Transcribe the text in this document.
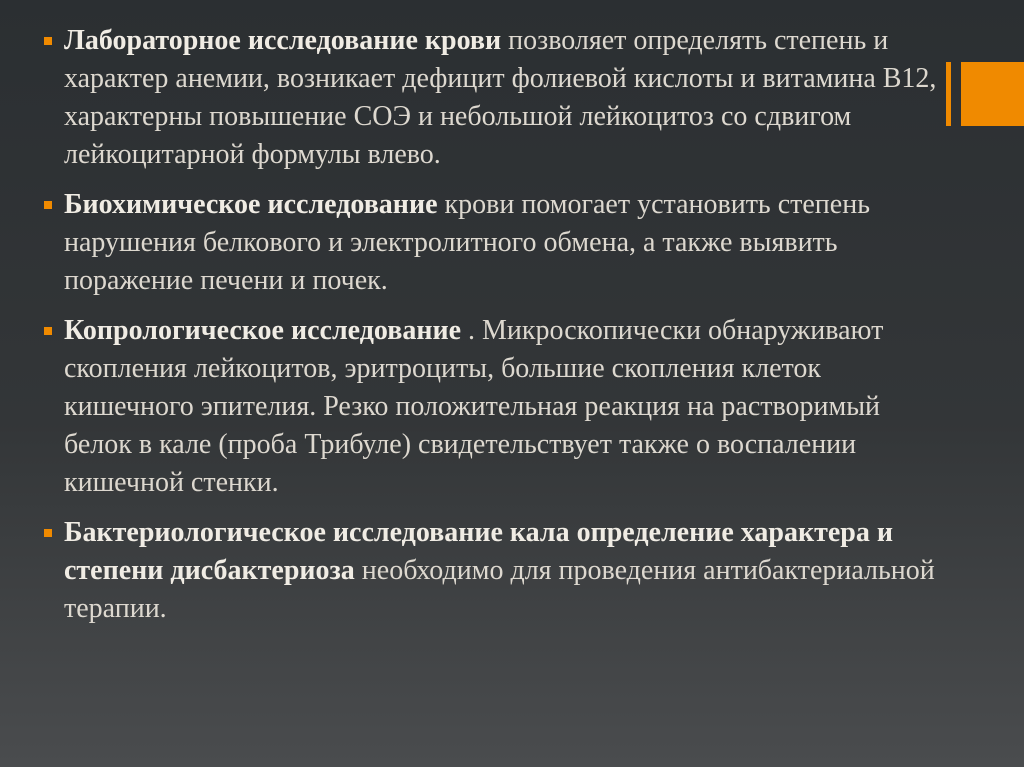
Лабораторное исследование крови позволяет определять степень и характер анемии, возникает дефицит фолиевой кислоты и витамина В12, характерны повышение СОЭ и небольшой лейкоцитоз со сдвигом лейкоцитарной формулы влево.
Биохимическое исследование крови помогает установить степень нарушения белкового и электролитного обмена, а также выявить поражение печени и почек.
Копрологическое исследование . Микроскопически обнаруживают скопления лейкоцитов, эритроциты, большие скопления клеток кишечного эпителия. Резко положительная реакция на растворимый белок в кале (проба Трибуле) свидетельствует также о воспалении кишечной стенки.
Бактериологическое исследование кала определение характера и степени дисбактериоза необходимо для проведения антибактериальной терапии.
